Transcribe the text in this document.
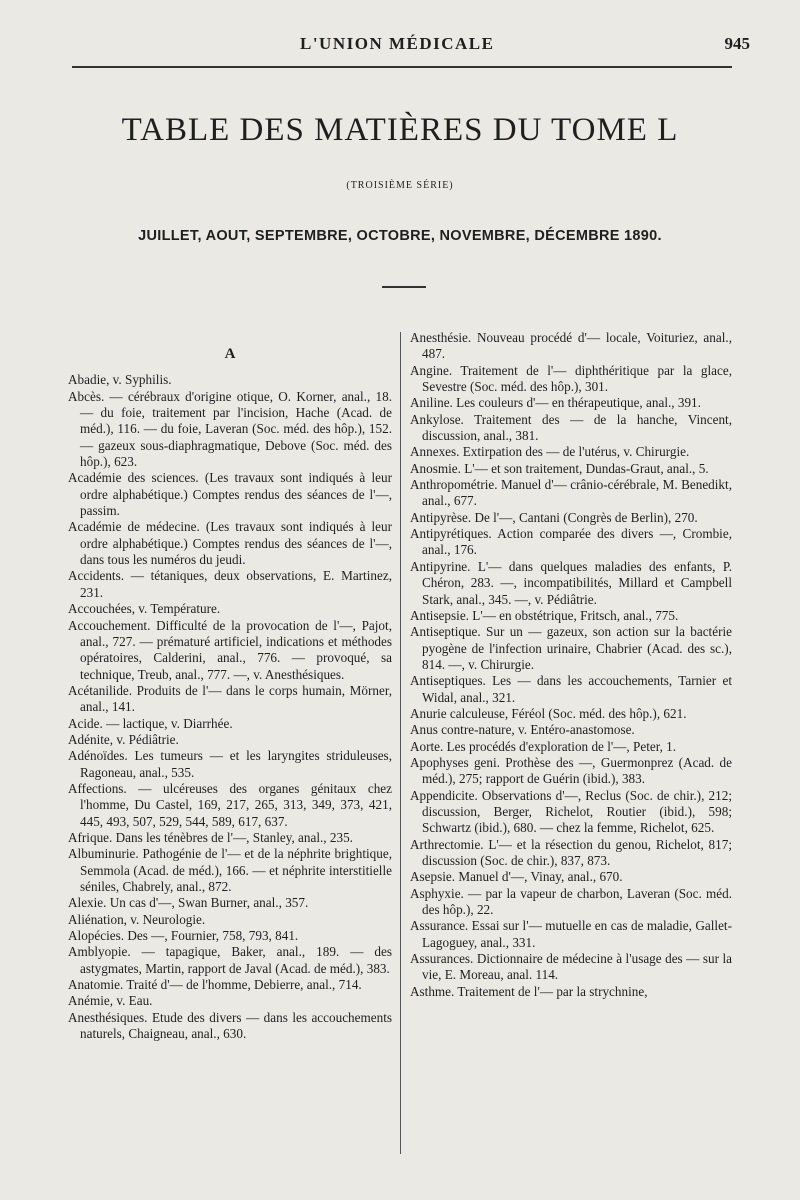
L'UNION MÉDICALE	945
TABLE DES MATIÈRES DU TOME L
(TROISIÈME SÉRIE)
JUILLET, AOUT, SEPTEMBRE, OCTOBRE, NOVEMBRE, DÉCEMBRE 1890.
A

Abadie, v. Syphilis.

Abcès. — cérébraux d'origine otique, O. Korner, anal., 18. — du foie, traitement par l'incision, Hache (Acad. de méd.), 116. — du foie, Laveran (Soc. méd. des hôp.), 152. — gazeux sous-diaphragmatique, Debove (Soc. méd. des hôp.), 623.

Académie des sciences. (Les travaux sont indiqués à leur ordre alphabétique.) Comptes rendus des séances de l'—, passim.

Académie de médecine. (Les travaux sont indiqués à leur ordre alphabétique.) Comptes rendus des séances de l'—, dans tous les numéros du jeudi.

Accidents. — tétaniques, deux observations, E. Martinez, 231.

Accouchées, v. Température.

Accouchement. Difficulté de la provocation de l'—, Pajot, anal., 727. — prématuré artificiel, indications et méthodes opératoires, Calderini, anal., 776. — provoqué, sa technique, Treub, anal., 777. —, v. Anesthésiques.

Acétanilide. Produits de l'— dans le corps humain, Mörner, anal., 141.

Acide. — lactique, v. Diarrhée.

Adénite, v. Pédiâtrie.

Adénoïdes. Les tumeurs — et les laryngites striduleuses, Ragoneau, anal., 535.

Affections. — ulcéreuses des organes génitaux chez l'homme, Du Castel, 169, 217, 265, 313, 349, 373, 421, 445, 493, 507, 529, 544, 589, 617, 637.

Afrique. Dans les ténèbres de l'—, Stanley, anal., 235.

Albuminurie. Pathogénie de l'— et de la néphrite brightique, Semmola (Acad. de méd.), 166. — et néphrite interstitielle séniles, Chabrely, anal., 872.

Alexie. Un cas d'—, Swan Burner, anal., 357.

Aliénation, v. Neurologie.

Alopécies. Des —, Fournier, 758, 793, 841.

Amblyopie. — tapagique, Baker, anal., 189. — des astygmates, Martin, rapport de Javal (Acad. de méd.), 383.

Anatomie. Traité d'— de l'homme, Debierre, anal., 714.

Anémie, v. Eau.

Anesthésiques. Etude des divers — dans les accouchements naturels, Chaigneau, anal., 630.

Anesthésie. Nouveau procédé d'— locale, Voituriez, anal., 487.

Angine. Traitement de l'— diphthéritique par la glace, Sevestre (Soc. méd. des hôp.), 301.

Aniline. Les couleurs d'— en thérapeutique, anal., 391.

Ankylose. Traitement des — de la hanche, Vincent, discussion, anal., 381.

Annexes. Extirpation des — de l'utérus, v. Chirurgie.

Anosmie. L'— et son traitement, Dundas-Graut, anal., 5.

Anthropométrie. Manuel d'— crânio-cérébrale, M. Benedikt, anal., 677.

Antipyrèse. De l'—, Cantani (Congrès de Berlin), 270.

Antipyrétiques. Action comparée des divers —, Crombie, anal., 176.

Antipyrine. L'— dans quelques maladies des enfants, P. Chéron, 283. —, incompatibilités, Millard et Campbell Stark, anal., 345. —, v. Pédiâtrie.

Antisepsie. L'— en obstétrique, Fritsch, anal., 775.

Antiseptique. Sur un — gazeux, son action sur la bactérie pyogène de l'infection urinaire, Chabrier (Acad. des sc.), 814. —, v. Chirurgie.

Antiseptiques. Les — dans les accouchements, Tarnier et Widal, anal., 321.

Anurie calculeuse, Féréol (Soc. méd. des hôp.), 621.

Anus contre-nature, v. Entéro-anastomose.

Aorte. Les procédés d'exploration de l'—, Peter, 1.

Apophyses geni. Prothèse des —, Guermonprez (Acad. de méd.), 275; rapport de Guérin (ibid.), 383.

Appendicite. Observations d'—, Reclus (Soc. de chir.), 212; discussion, Berger, Richelot, Routier (ibid.), 598; Schwartz (ibid.), 680. — chez la femme, Richelot, 625.

Arthrectomie. L'— et la résection du genou, Richelot, 817; discussion (Soc. de chir.), 837, 873.

Asepsie. Manuel d'—, Vinay, anal., 670.

Asphyxie. — par la vapeur de charbon, Laveran (Soc. méd. des hôp.), 22.

Assurance. Essai sur l'— mutuelle en cas de maladie, Gallet-Lagoguey, anal., 331.

Assurances. Dictionnaire de médecine à l'usage des — sur la vie, E. Moreau, anal. 114.

Asthme. Traitement de l'— par la strychnine,
